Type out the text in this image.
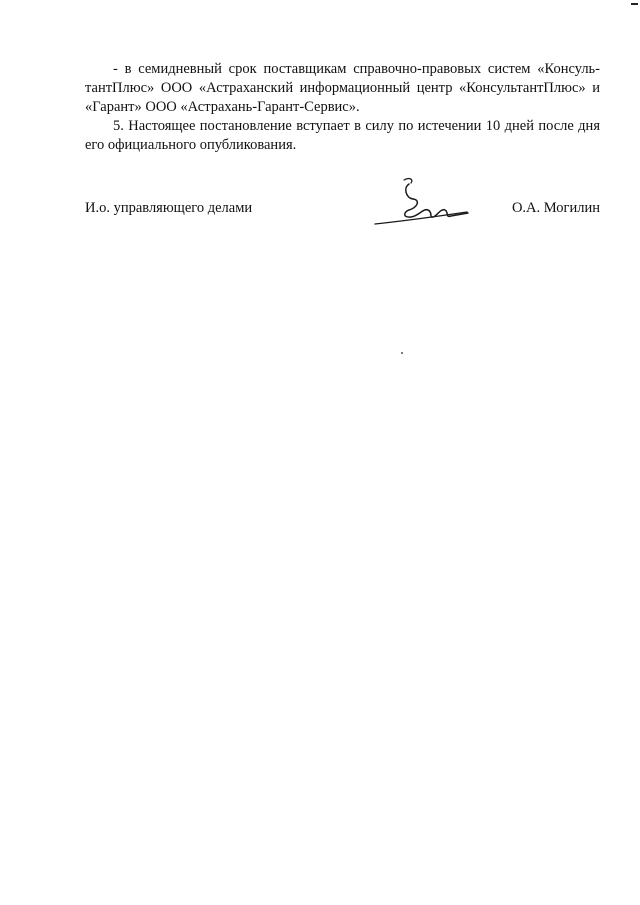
- в семидневный срок поставщикам справочно-правовых систем «Консуль-тантПлюс» ООО «Астраханский информационный центр «КонсультантПлюс» и «Гарант» ООО «Астрахань-Гарант-Сервис».

5. Настоящее постановление вступает в силу по истечении 10 дней после дня его официального опубликования.

И.о. управляющего делами	О.А. Могилин
